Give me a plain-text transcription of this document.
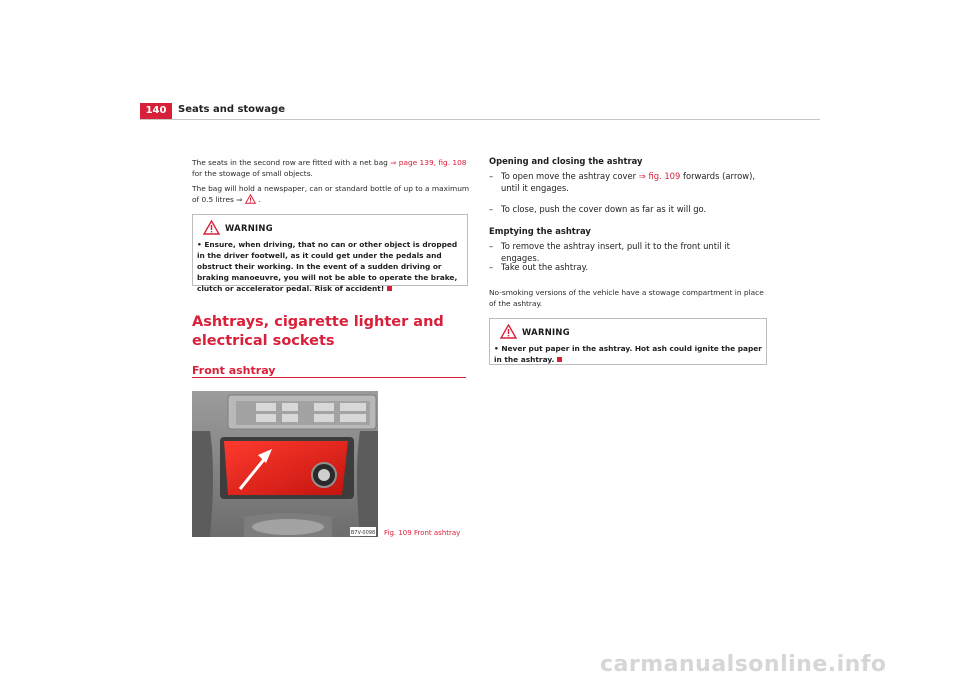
140	Seats and stowage
The seats in the second row are fitted with a net bag ⇒ page 139, fig. 108 for the stowage of small objects.
The bag will hold a newspaper, can or standard bottle of up to a maximum of 0.5 litres ⇒ .
WARNING
• Ensure, when driving, that no can or other object is dropped in the driver footwell, as it could get under the pedals and obstruct their working. In the event of a sudden driving or braking manoeuvre, you will not be able to operate the brake, clutch or accelerator pedal. Risk of accident!
Ashtrays, cigarette lighter and electrical sockets
Front ashtray
B7V-0098 Fig. 109 Front ashtray
Opening and closing the ashtray
– To open move the ashtray cover ⇒ fig. 109 forwards (arrow), until it engages.
– To close, push the cover down as far as it will go.
Emptying the ashtray
– To remove the ashtray insert, pull it to the front until it engages.
– Take out the ashtray.
No-smoking versions of the vehicle have a stowage compartment in place of the ashtray.
WARNING
• Never put paper in the ashtray. Hot ash could ignite the paper in the ashtray.
carmanualsonline.info
